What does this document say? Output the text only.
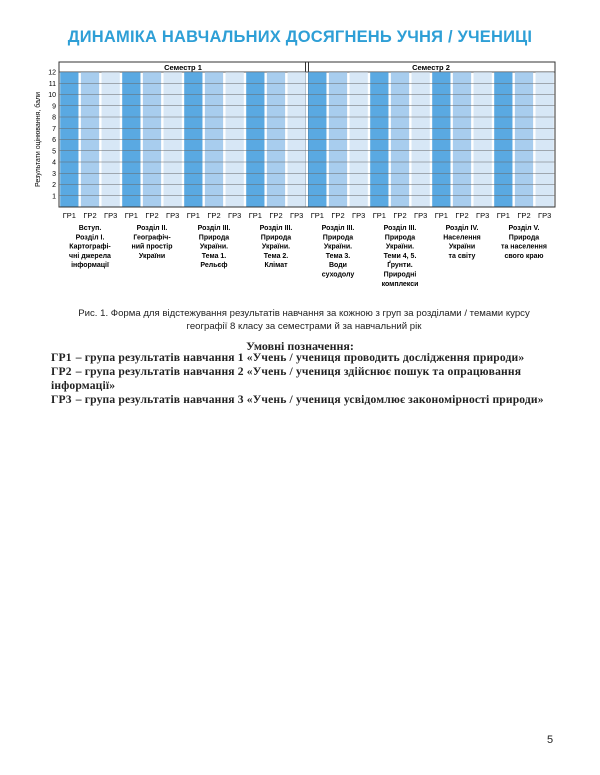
ДИНАМІКА НАВЧАЛЬНИХ ДОСЯГНЕНЬ УЧНЯ / УЧЕНИЦІ
Семестр 1	Семестр 2
1
2
3
4
5
6
7
8
9
10
11
12
Результати оцінювання, бали
ГР1 ГР2 ГР3
Вступ.
Розділ І.
Картографі-
чні джерела
інформації
ГР1 ГР2 ГР3
Розділ ІІ.
Географіч-
ний простір
України
ГР1 ГР2 ГР3
Розділ ІІІ.
Природа
України.
Тема 1.
Рельєф
ГР1 ГР2 ГР3
Розділ ІІІ.
Природа
України.
Тема 2.
Клімат
ГР1 ГР2 ГР3
Розділ ІІІ.
Природа
України.
Тема 3.
Води
суходолу
ГР1 ГР2 ГР3
Розділ ІІІ.
Природа
України.
Теми 4, 5.
Ґрунти.
Природні
комплекси
ГР1 ГР2 ГР3
Розділ IV.
Населення
України
та світу
ГР1 ГР2 ГР3
Розділ V.
Природа
та населення
свого краю
Рис. 1. Форма для відстежування результатів навчання за кожною з груп за розділами / темами курсу географії 8 класу за семестрами й за навчальний рік
Умовні позначення:

ГР1 – група результатів навчання 1 «Учень / учениця проводить дослідження природи»

ГР2 – група результатів навчання 2 «Учень / учениця здійснює пошук та опрацювання інформації»

ГР3 – група результатів навчання 3 «Учень / учениця усвідомлює закономірності природи»

5
